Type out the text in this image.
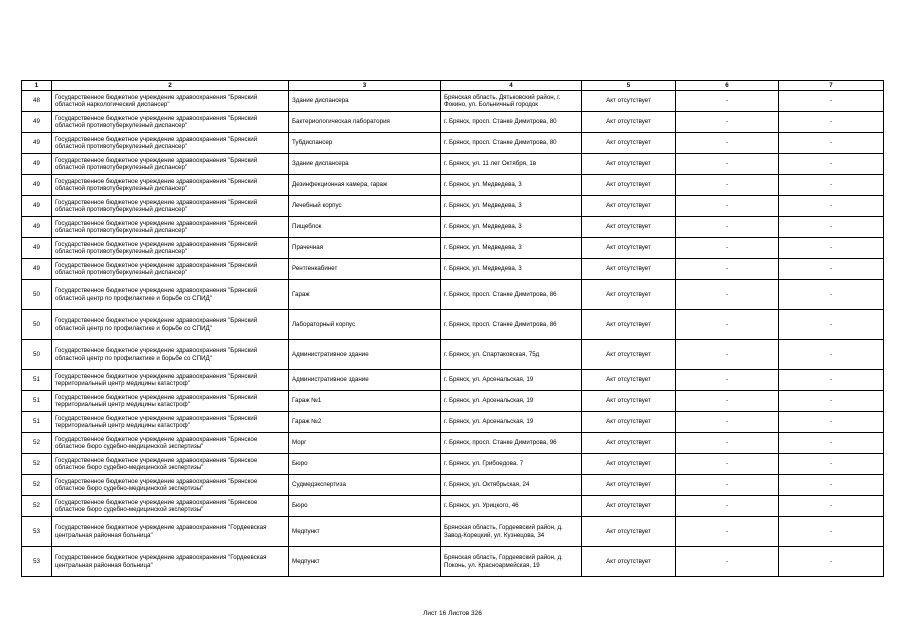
1	2	3	4	5	6	7
48	Государственное бюджетное учреждение здравоохранения "Брянский областной наркологический диспансер"	Здание диспансера	Брянская область, Дятьковский район, г. Фокино, ул. Больничный городок	Акт отсутствует	-	-
49	Государственное бюджетное учреждение здравоохранения "Брянский областной противотуберкулезный диспансер"	Бактериологическая лаборатория	г. Брянск, просп. Станке Димитрова, 80	Акт отсутствует	-	-
49	Государственное бюджетное учреждение здравоохранения "Брянский областной противотуберкулезный диспансер"	Тубдиспансер	г. Брянск, просп. Станке Димитрова, 80	Акт отсутствует	-	-
49	Государственное бюджетное учреждение здравоохранения "Брянский областной противотуберкулезный диспансер"	Здание диспансера	г. Брянск, ул. 11 лет Октября, 1в	Акт отсутствует	-	-
49	Государственное бюджетное учреждение здравоохранения "Брянский областной противотуберкулезный диспансер"	Дезинфекционная камера, гараж	г. Брянск, ул. Медведева, 3	Акт отсутствует	-	-
49	Государственное бюджетное учреждение здравоохранения "Брянский областной противотуберкулезный диспансер"	Лечебный корпус	г. Брянск, ул. Медведева, 3	Акт отсутствует	-	-
49	Государственное бюджетное учреждение здравоохранения "Брянский областной противотуберкулезный диспансер"	Пищеблок	г. Брянск, ул. Медведева, 3	Акт отсутствует	-	-
49	Государственное бюджетное учреждение здравоохранения "Брянский областной противотуберкулезный диспансер"	Прачечная	г. Брянск, ул. Медведева, 3	Акт отсутствует	-	-
49	Государственное бюджетное учреждение здравоохранения "Брянский областной противотуберкулезный диспансер"	Рентгенкабинет	г. Брянск, ул. Медведева, 3	Акт отсутствует	-	-
50	Государственное бюджетное учреждение здравоохранения "Брянский областной центр по профилактике и борьбе со СПИД"	Гараж	г. Брянск, просп. Станке Димитрова, 86	Акт отсутствует	-	-
50	Государственное бюджетное учреждение здравоохранения "Брянский областной центр по профилактике и борьбе со СПИД"	Лабораторный корпус	г. Брянск, просп. Станке Димитрова, 86	Акт отсутствует	-	-
50	Государственное бюджетное учреждение здравоохранения "Брянский областной центр по профилактике и борьбе со СПИД"	Административное здание	г. Брянск, ул. Спартаковская, 75д	Акт отсутствует	-	-
51	Государственное бюджетное учреждение здравоохранения "Брянский территориальный центр медицины катастроф"	Административное здание	г. Брянск, ул. Арсенальская, 19	Акт отсутствует	-	-
51	Государственное бюджетное учреждение здравоохранения "Брянский территориальный центр медицины катастроф"	Гараж №1	г. Брянск, ул. Арсенальская, 19	Акт отсутствует	-	-
51	Государственное бюджетное учреждение здравоохранения "Брянский территориальный центр медицины катастроф"	Гараж №2	г. Брянск, ул. Арсенальская, 19	Акт отсутствует	-	-
52	Государственное бюджетное учреждение здравоохранения "Брянское областное бюро судебно-медицинской экспертизы"	Морг	г. Брянск, просп. Станке Димитрова, 96	Акт отсутствует	-	-
52	Государственное бюджетное учреждение здравоохранения "Брянское областное бюро судебно-медицинской экспертизы"	Бюро	г. Брянск, ул. Грибоедова, 7	Акт отсутствует	-	-
52	Государственное бюджетное учреждение здравоохранения "Брянское областное бюро судебно-медицинской экспертизы"	Судмедэкспертиза	г. Брянск, ул. Октябрьская, 24	Акт отсутствует	-	-
52	Государственное бюджетное учреждение здравоохранения "Брянское областное бюро судебно-медицинской экспертизы"	Бюро	г. Брянск, ул. Урицкого, 46	Акт отсутствует	-	-
53	Государственное бюджетное учреждение здравоохранения "Гордеевская центральная районная больница"	Медпункт	Брянская область, Гордеевский район, д. Завод-Корецкий, ул. Кузнецова, 34	Акт отсутствует	-	-
53	Государственное бюджетное учреждение здравоохранения "Гордеевская центральная районная больница"	Медпункт	Брянская область, Гордеевский район, д. Поконь, ул. Красноармейская, 19	Акт отсутствует	-	-
Лист 16 Листов 326
